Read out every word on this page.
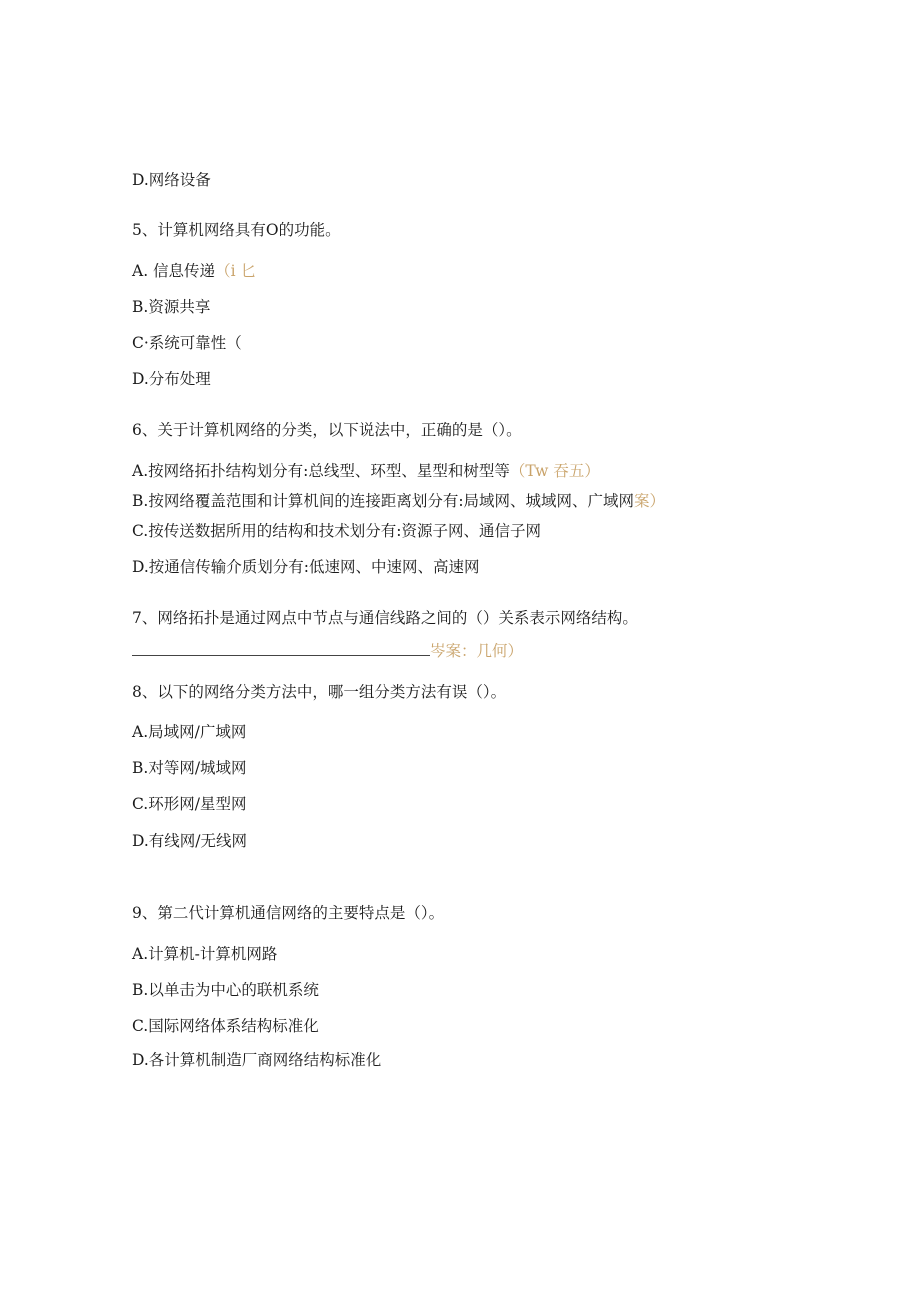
D.网络设备
5、计算机网络具有O的功能。
A. 信息传递（i 匕
B.资源共享
C·系统可靠性（
D.分布处理
6、关于计算机网络的分类，以下说法中，正确的是（）。
A.按网络拓扑结构划分有:总线型、环型、星型和树型等（Tw 吞五）
B.按网络覆盖范围和计算机间的连接距离划分有:局域网、城域网、广域网案）
C.按传送数据所用的结构和技术划分有:资源子网、通信子网
D.按通信传输介质划分有:低速网、中速网、高速网
7、网络拓扑是通过网点中节点与通信线路之间的（）关系表示网络结构。
岑案：几何）
8、以下的网络分类方法中，哪一组分类方法有误（）。
A.局域网/广域网
B.对等网/城域网
C.环形网/星型网
D.有线网/无线网
9、第二代计算机通信网络的主要特点是（）。
A.计算机-计算机网路
B.以单击为中心的联机系统
C.国际网络体系结构标准化
D.各计算机制造厂商网络结构标准化
